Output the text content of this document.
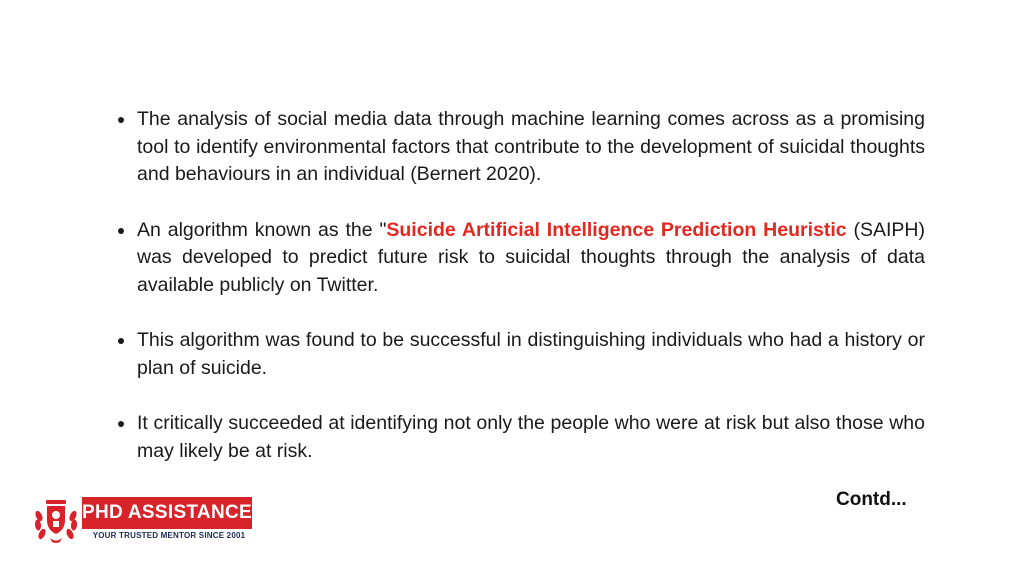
The analysis of social media data through machine learning comes across as a promising tool to identify environmental factors that contribute to the development of suicidal thoughts and behaviours in an individual (Bernert 2020).
An algorithm known as the "Suicide Artificial Intelligence Prediction Heuristic (SAIPH) was developed to predict future risk to suicidal thoughts through the analysis of data available publicly on Twitter.
This algorithm was found to be successful in distinguishing individuals who had a history or plan of suicide.
It critically succeeded at identifying not only the people who were at risk but also those who may likely be at risk.
Contd...
PHD ASSISTANCE
YOUR TRUSTED MENTOR SINCE 2001
